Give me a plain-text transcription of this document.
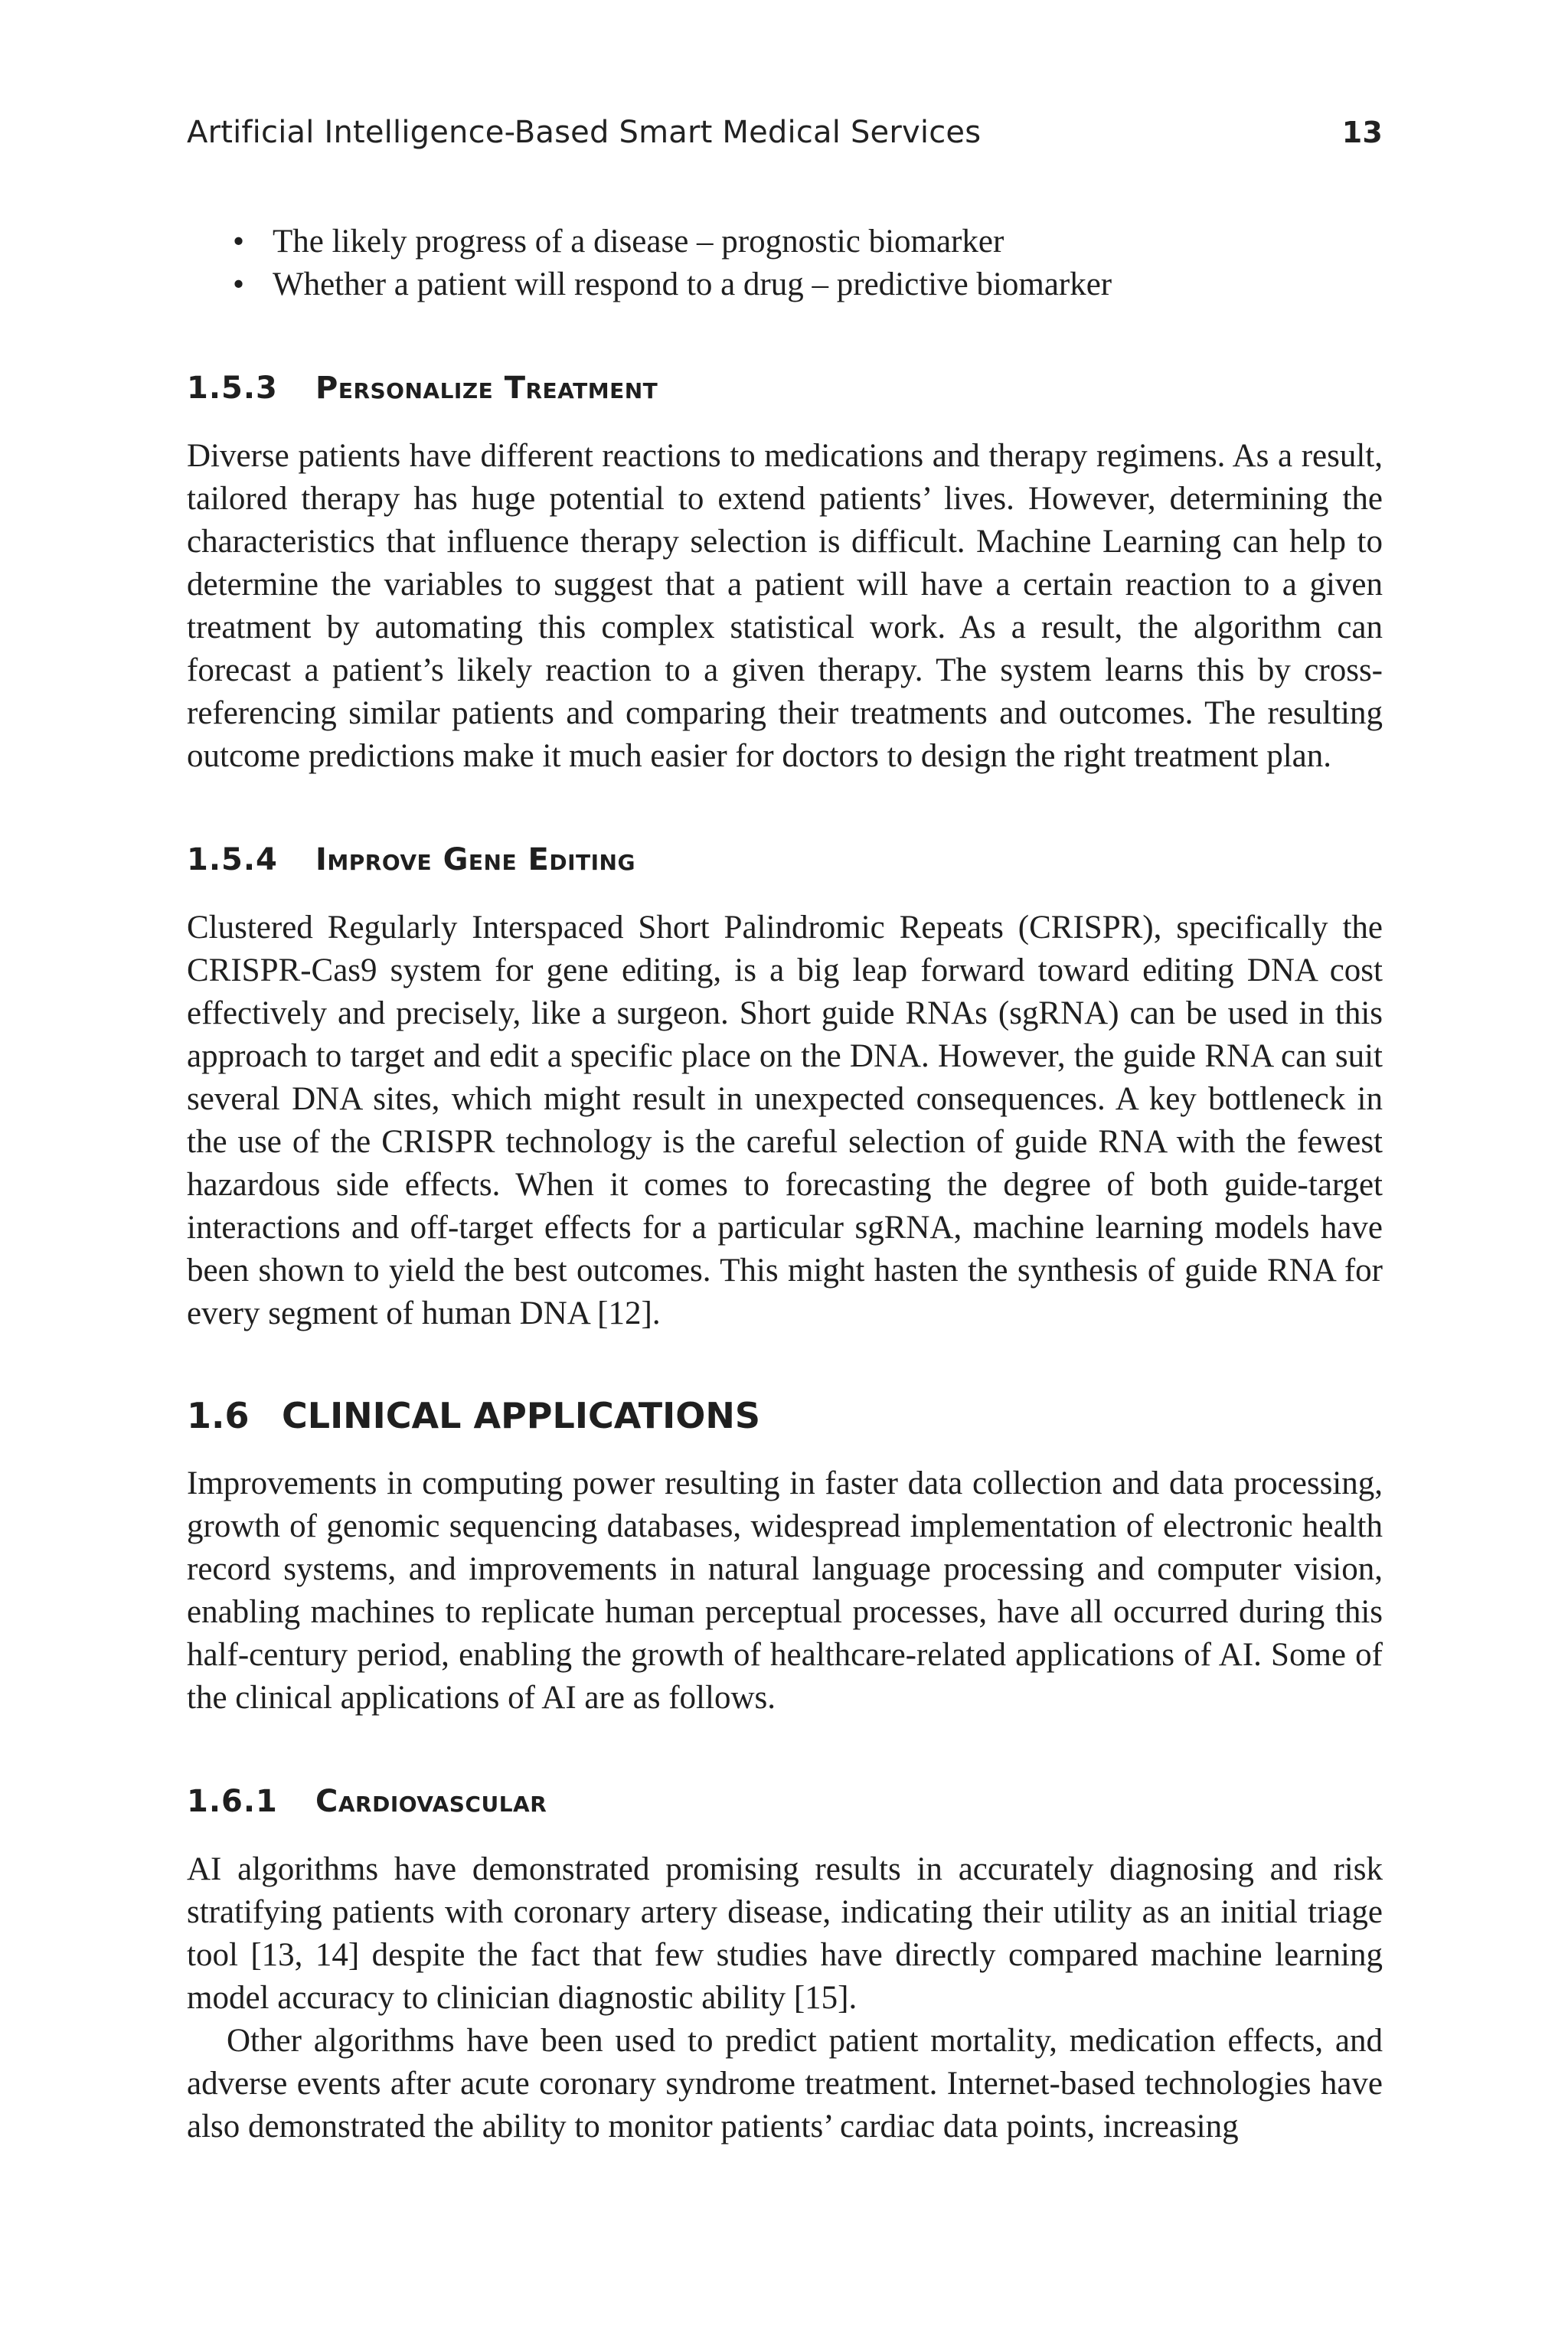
Artificial Intelligence-Based Smart Medical Services	13
• The likely progress of a disease – prognostic biomarker
• Whether a patient will respond to a drug – predictive biomarker
1.5.3	Personalize Treatment

Diverse patients have different reactions to medications and therapy regimens. As a result, tailored therapy has huge potential to extend patients’ lives. However, determining the characteristics that influence therapy selection is difficult. Machine Learning can help to determine the variables to suggest that a patient will have a certain reaction to a given treatment by automating this complex statistical work. As a result, the algorithm can forecast a patient’s likely reaction to a given therapy. The system learns this by cross-referencing similar patients and comparing their treatments and outcomes. The resulting outcome predictions make it much easier for doctors to design the right treatment plan.

1.5.4	Improve Gene Editing

Clustered Regularly Interspaced Short Palindromic Repeats (CRISPR), specifically the CRISPR-Cas9 system for gene editing, is a big leap forward toward editing DNA cost effectively and precisely, like a surgeon. Short guide RNAs (sgRNA) can be used in this approach to target and edit a specific place on the DNA. However, the guide RNA can suit several DNA sites, which might result in unexpected consequences. A key bottleneck in the use of the CRISPR technology is the careful selection of guide RNA with the fewest hazardous side effects. When it comes to forecasting the degree of both guide-target interactions and off-target effects for a particular sgRNA, machine learning models have been shown to yield the best outcomes. This might hasten the synthesis of guide RNA for every segment of human DNA [12].

1.6 CLINICAL APPLICATIONS

Improvements in computing power resulting in faster data collection and data processing, growth of genomic sequencing databases, widespread implementation of electronic health record systems, and improvements in natural language processing and computer vision, enabling machines to replicate human perceptual processes, have all occurred during this half-century period, enabling the growth of healthcare-related applications of AI. Some of the clinical applications of AI are as follows.

1.6.1	Cardiovascular

AI algorithms have demonstrated promising results in accurately diagnosing and risk stratifying patients with coronary artery disease, indicating their utility as an initial triage tool [13, 14] despite the fact that few studies have directly compared machine learning model accuracy to clinician diagnostic ability [15].

Other algorithms have been used to predict patient mortality, medication effects, and adverse events after acute coronary syndrome treatment. Internet-based technologies have also demonstrated the ability to monitor patients’ cardiac data points, increasing
